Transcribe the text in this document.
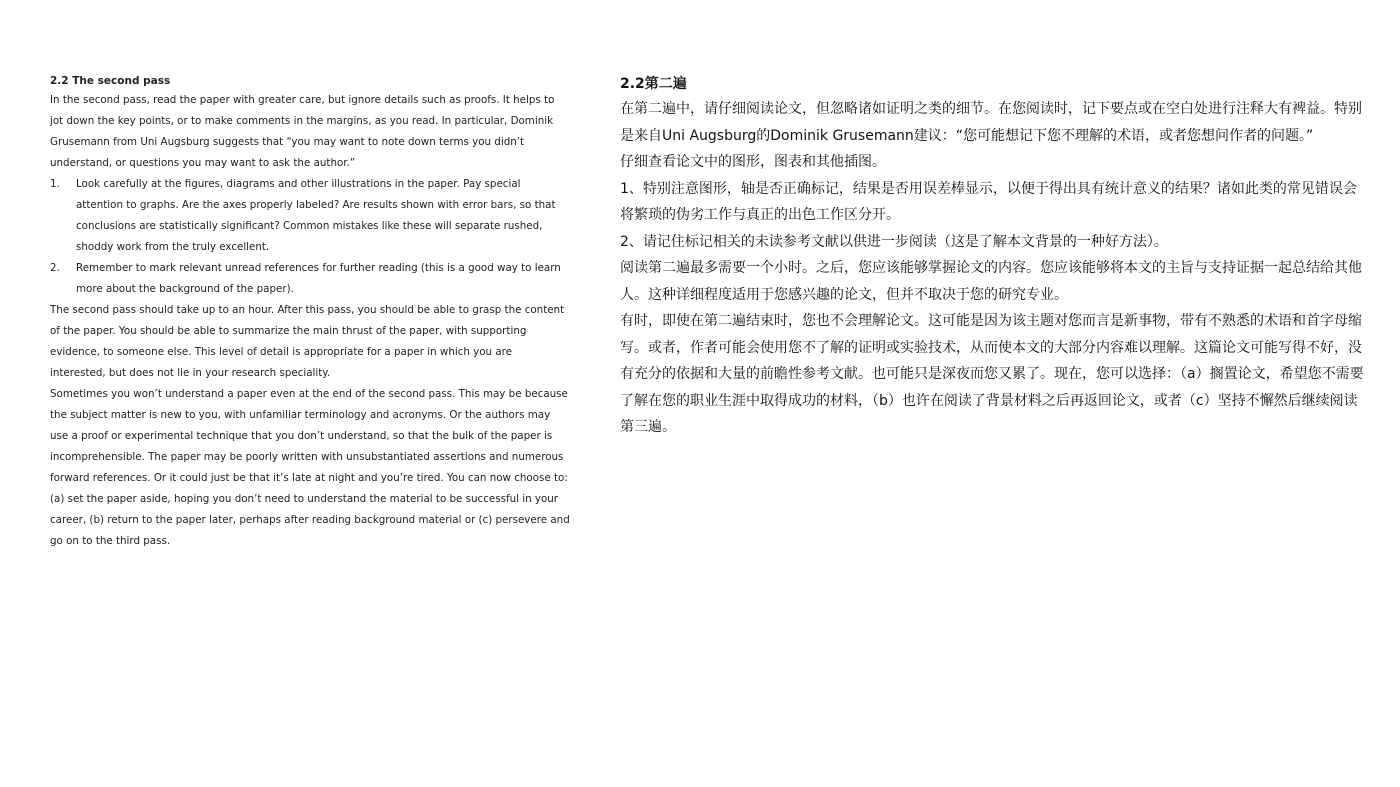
2.2 The second pass

In the second pass, read the paper with greater care, but ignore details such as proofs. It helps to jot down the key points, or to make comments in the margins, as you read. In particular, Dominik Grusemann from Uni Augsburg suggests that “you may want to note down terms you didn’t understand, or questions you may want to ask the author.”

1. Look carefully at the figures, diagrams and other illustrations in the paper. Pay special attention to graphs. Are the axes properly labeled? Are results shown with error bars, so that conclusions are statistically significant? Common mistakes like these will separate rushed, shoddy work from the truly excellent.
2. Remember to mark relevant unread references for further reading (this is a good way to learn more about the background of the paper).

The second pass should take up to an hour. After this pass, you should be able to grasp the content of the paper. You should be able to summarize the main thrust of the paper, with supporting evidence, to someone else. This level of detail is appropriate for a paper in which you are interested, but does not lie in your research speciality.

Sometimes you won’t understand a paper even at the end of the second pass. This may be because the subject matter is new to you, with unfamiliar terminology and acronyms. Or the authors may use a proof or experimental technique that you don’t understand, so that the bulk of the paper is incomprehensible. The paper may be poorly written with unsubstantiated assertions and numerous forward references. Or it could just be that it’s late at night and you’re tired. You can now choose to: (a) set the paper aside, hoping you don’t need to understand the material to be successful in your career, (b) return to the paper later, perhaps after reading background material or (c) persevere and go on to the third pass.

2.2第二遍

在第二遍中，请仔细阅读论文，但忽略诸如证明之类的细节。在您阅读时，记下要点或在空白处进行注释大有裨益。特别是来自Uni Augsburg的Dominik Grusemann建议：“您可能想记下您不理解的术语，或者您想问作者的问题。”

仔细查看论文中的图形，图表和其他插图。

1、特别注意图形，轴是否正确标记，结果是否用误差棒显示，以便于得出具有统计意义的结果？诸如此类的常见错误会将繁琐的伪劣工作与真正的出色工作区分开。

2、请记住标记相关的未读参考文献以供进一步阅读（这是了解本文背景的一种好方法）。

阅读第二遍最多需要一个小时。之后，您应该能够掌握论文的内容。您应该能够将本文的主旨与支持证据一起总结给其他人。这种详细程度适用于您感兴趣的论文，但并不取决于您的研究专业。

有时，即使在第二遍结束时，您也不会理解论文。这可能是因为该主题对您而言是新事物，带有不熟悉的术语和首字母缩写。或者，作者可能会使用您不了解的证明或实验技术，从而使本文的大部分内容难以理解。这篇论文可能写得不好，没有充分的依据和大量的前瞻性参考文献。也可能只是深夜而您又累了。现在，您可以选择：（a）搁置论文，希望您不需要了解在您的职业生涯中取得成功的材料，（b）也许在阅读了背景材料之后再返回论文，或者（c）坚持不懈然后继续阅读第三遍。
